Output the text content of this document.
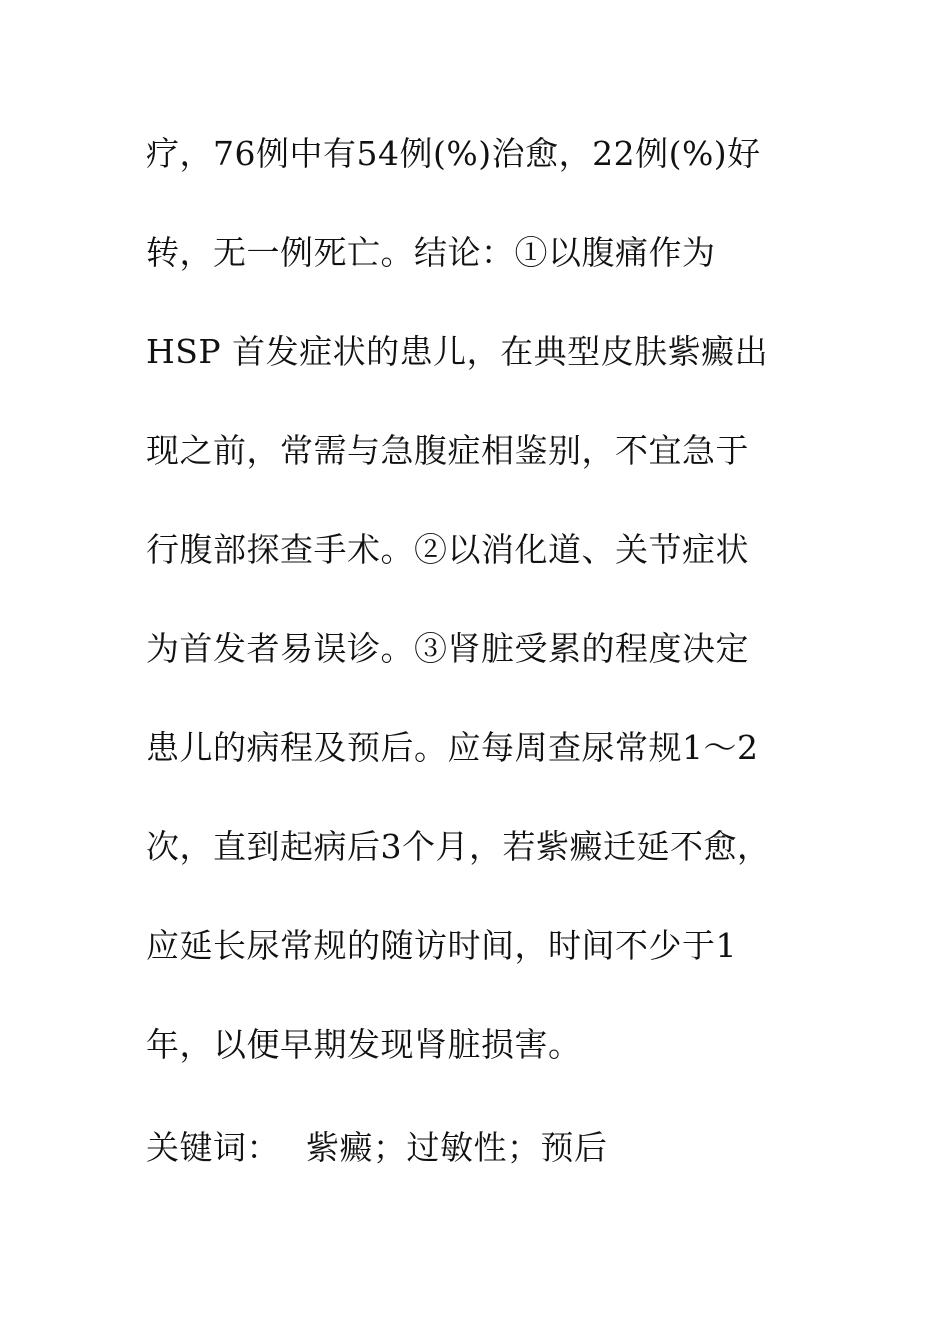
疗，76例中有54例(%)治愈，22例(%)好
转，无一例死亡。结论：①以腹痛作为
HSP 首发症状的患儿，在典型皮肤紫癜出
现之前，常需与急腹症相鉴别，不宜急于
行腹部探查手术。②以消化道、关节症状
为首发者易误诊。③肾脏受累的程度决定
患儿的病程及预后。应每周查尿常规1～2
次，直到起病后3个月，若紫癜迁延不愈，
应延长尿常规的随访时间，时间不少于1
年，以便早期发现肾脏损害。
关键词： 紫癜；过敏性；预后
